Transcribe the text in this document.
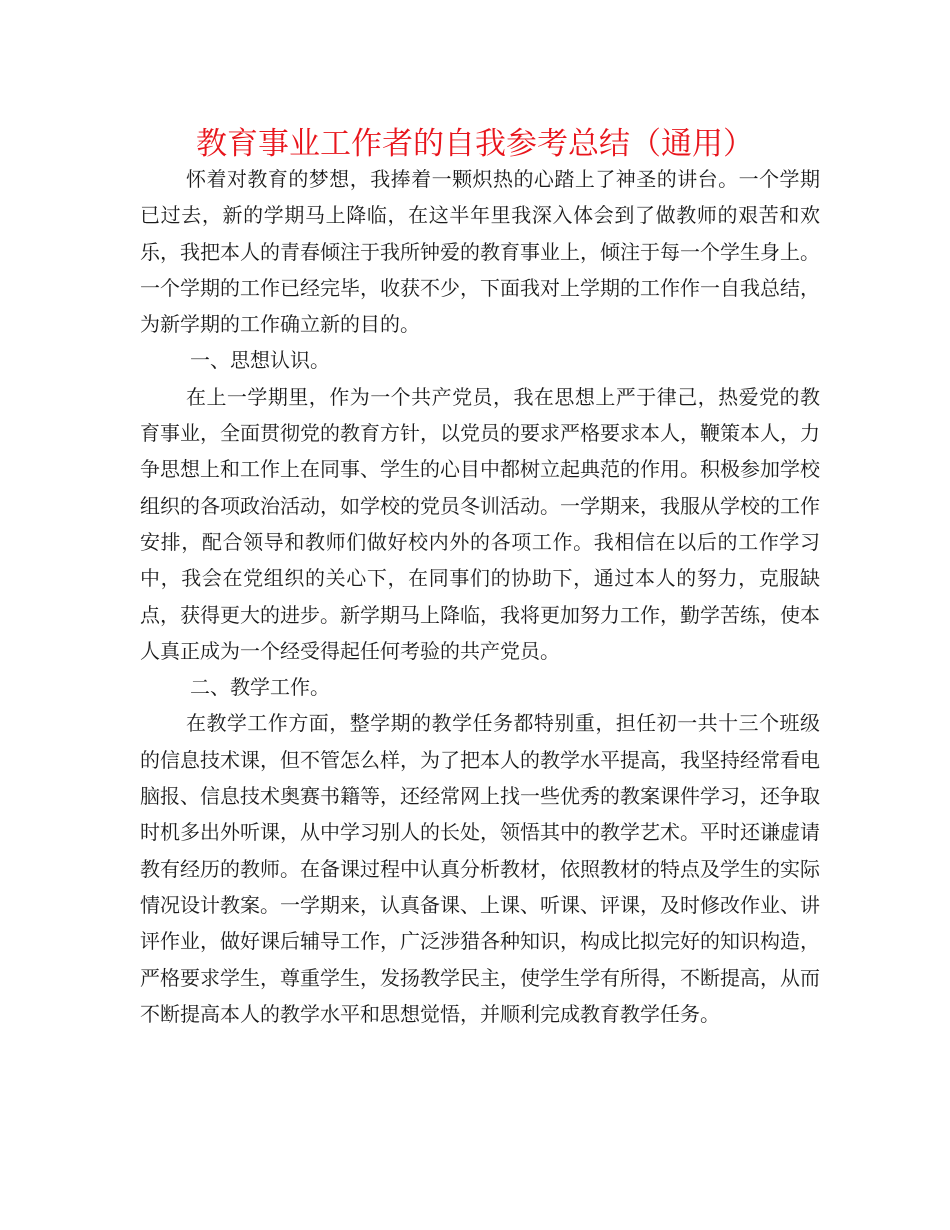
教育事业工作者的自我参考总结（通用）

怀着对教育的梦想，我捧着一颗炽热的心踏上了神圣的讲台。一个学期已过去，新的学期马上降临，在这半年里我深入体会到了做教师的艰苦和欢乐，我把本人的青春倾注于我所钟爱的教育事业上，倾注于每一个学生身上。一个学期的工作已经完毕，收获不少，下面我对上学期的工作作一自我总结，为新学期的工作确立新的目的。

一、思想认识。

在上一学期里，作为一个共产党员，我在思想上严于律己，热爱党的教育事业，全面贯彻党的教育方针，以党员的要求严格要求本人，鞭策本人，力争思想上和工作上在同事、学生的心目中都树立起典范的作用。积极参加学校组织的各项政治活动，如学校的党员冬训活动。一学期来，我服从学校的工作安排，配合领导和教师们做好校内外的各项工作。我相信在以后的工作学习中，我会在党组织的关心下，在同事们的协助下，通过本人的努力，克服缺点，获得更大的进步。新学期马上降临，我将更加努力工作，勤学苦练，使本人真正成为一个经受得起任何考验的共产党员。

二、教学工作。

在教学工作方面，整学期的教学任务都特别重，担任初一共十三个班级的信息技术课，但不管怎么样，为了把本人的教学水平提高，我坚持经常看电脑报、信息技术奥赛书籍等，还经常网上找一些优秀的教案课件学习，还争取时机多出外听课，从中学习别人的长处，领悟其中的教学艺术。平时还谦虚请教有经历的教师。在备课过程中认真分析教材，依照教材的特点及学生的实际情况设计教案。一学期来，认真备课、上课、听课、评课，及时修改作业、讲评作业，做好课后辅导工作，广泛涉猎各种知识，构成比拟完好的知识构造，严格要求学生，尊重学生，发扬教学民主，使学生学有所得，不断提高，从而不断提高本人的教学水平和思想觉悟，并顺利完成教育教学任务。
